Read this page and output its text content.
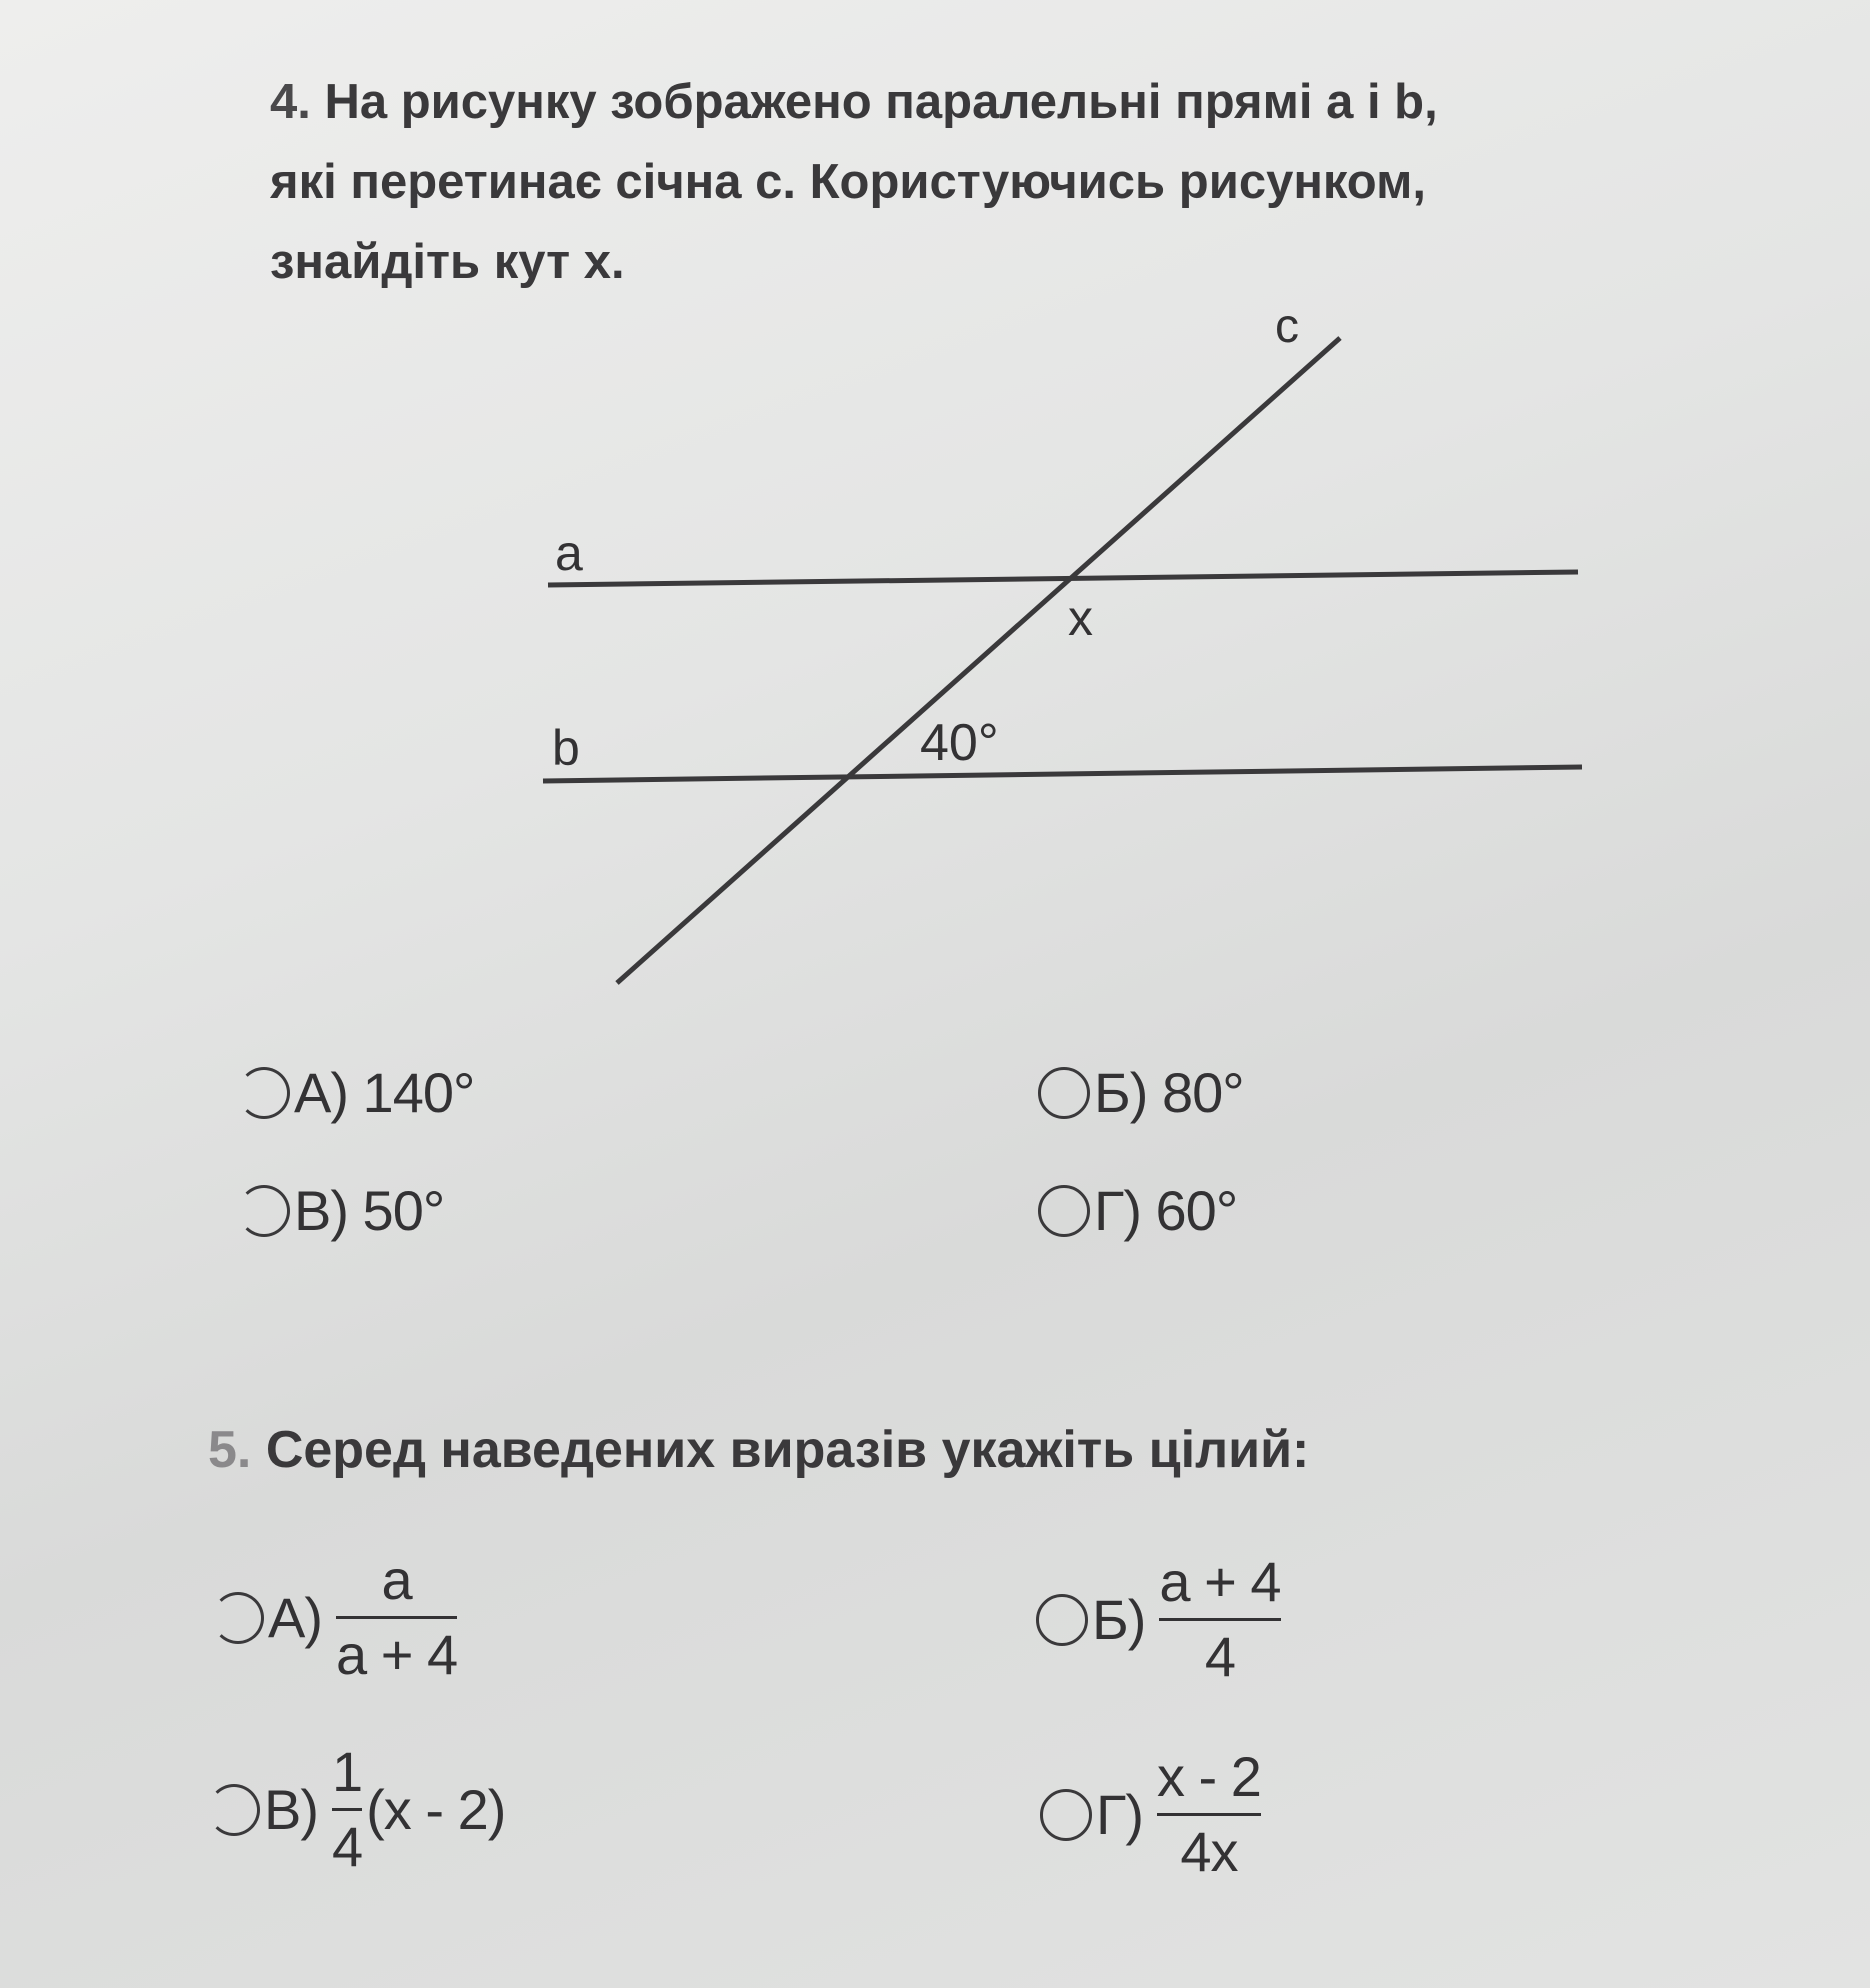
4. На рисунку зображено паралельні прямі a і b,
які перетинає січна c. Користуючись рисунком,
знайдіть кут x.
a
b
c
x
40°
А) 140°	Б) 80°
В) 50°	Г) 60°
5. Серед наведених виразів укажіть цілий:
$А) \frac{a}{a + 4}$	$Б) \frac{a + 4}{4}$
$В) \frac{1}{4} (x - 2)$	$Г) \frac{x - 2}{4x}$
